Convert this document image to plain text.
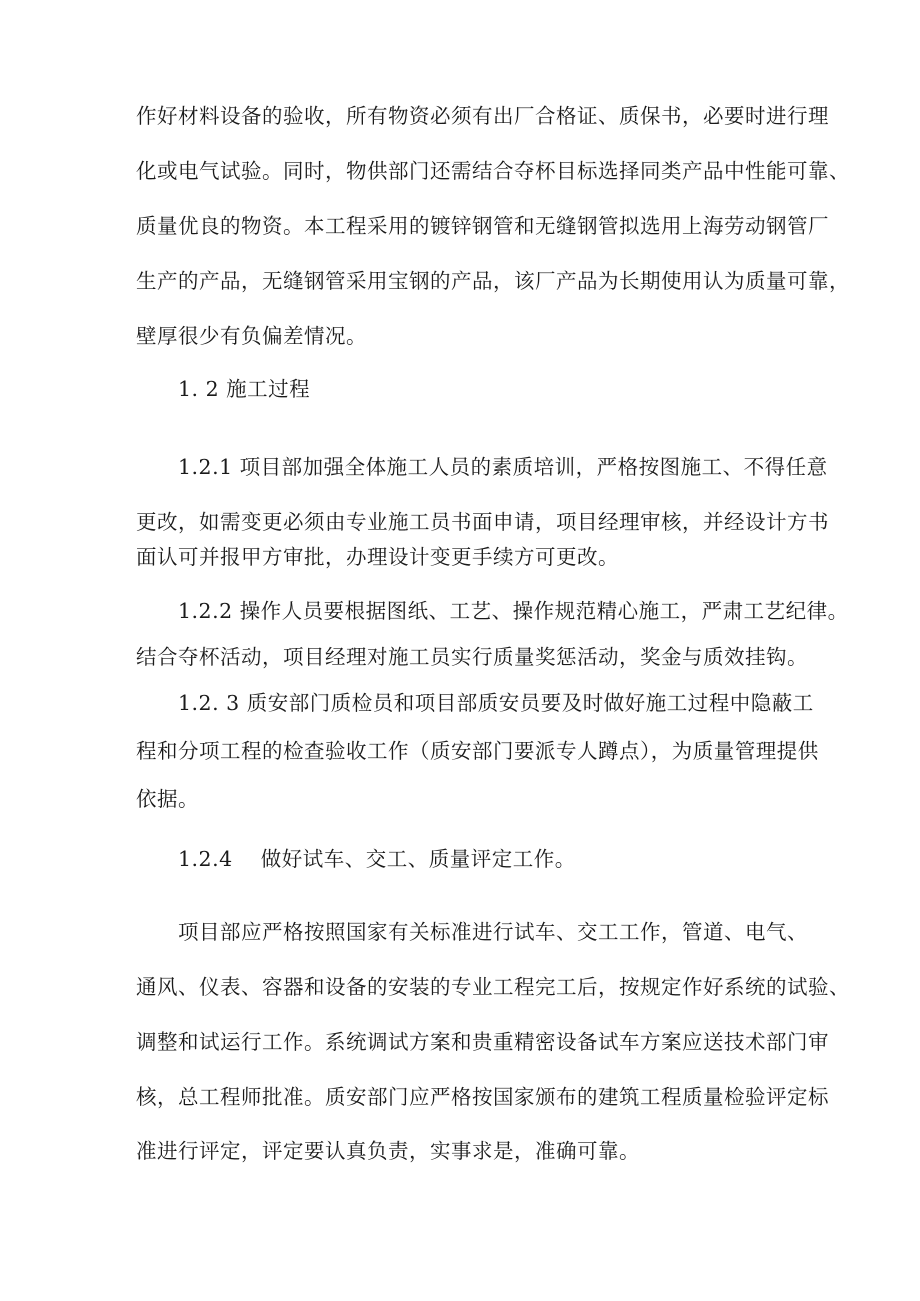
作好材料设备的验收，所有物资必须有出厂合格证、质保书，必要时进行理
化或电气试验。同时，物供部门还需结合夺杯目标选择同类产品中性能可靠、
质量优良的物资。本工程采用的镀锌钢管和无缝钢管拟选用上海劳动钢管厂
生产的产品，无缝钢管采用宝钢的产品，该厂产品为长期使用认为质量可靠，
壁厚很少有负偏差情况。
1. 2 施工过程
1.2.1 项目部加强全体施工人员的素质培训，严格按图施工、不得任意
更改，如需变更必须由专业施工员书面申请，项目经理审核，并经设计方书
面认可并报甲方审批，办理设计变更手续方可更改。
1.2.2 操作人员要根据图纸、工艺、操作规范精心施工，严肃工艺纪律。
结合夺杯活动，项目经理对施工员实行质量奖惩活动，奖金与质效挂钩。
1.2. 3 质安部门质检员和项目部质安员要及时做好施工过程中隐蔽工
程和分项工程的检查验收工作（质安部门要派专人蹲点），为质量管理提供
依据。
1.2.4    做好试车、交工、质量评定工作。
项目部应严格按照国家有关标准进行试车、交工工作，管道、电气、
通风、仪表、容器和设备的安装的专业工程完工后，按规定作好系统的试验、
调整和试运行工作。系统调试方案和贵重精密设备试车方案应送技术部门审
核，总工程师批准。质安部门应严格按国家颁布的建筑工程质量检验评定标
准进行评定，评定要认真负责，实事求是，准确可靠。
